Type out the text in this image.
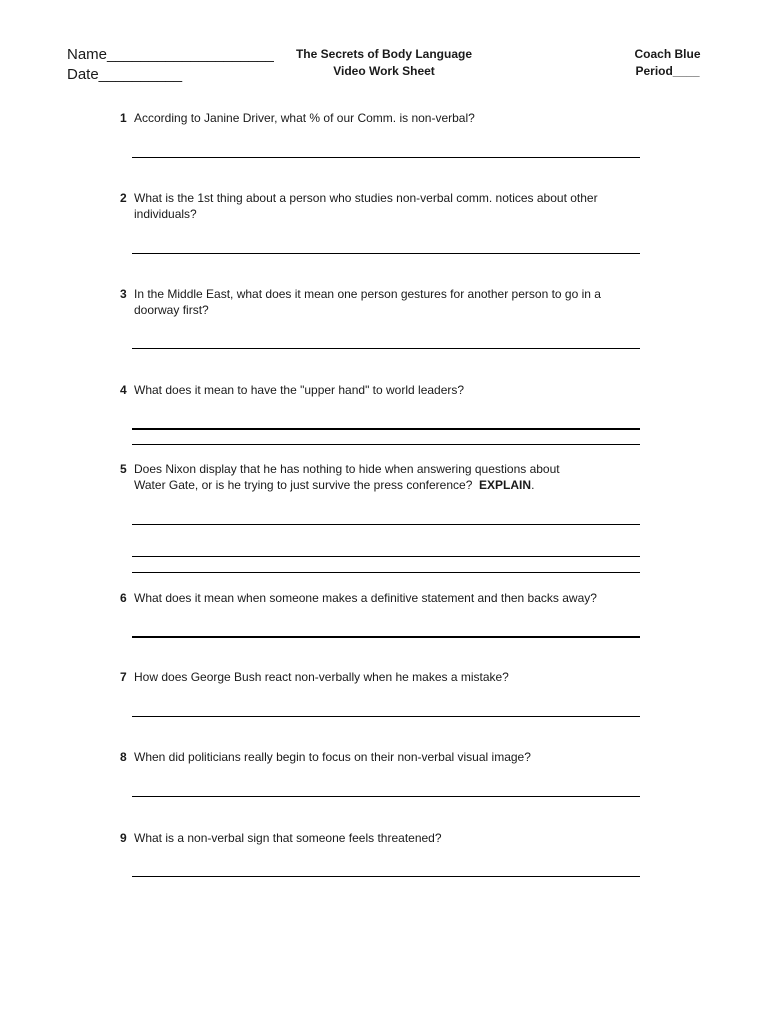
Name____________________
Date__________
The Secrets of Body Language
Video Work Sheet
Coach Blue
Period____
1 According to Janine Driver, what % of our Comm. is non-verbal?
2 What is the 1st thing about a person who studies non-verbal comm. notices about other
individuals?
3 In the Middle East, what does it mean one person gestures for another person to go in a
doorway first?
4 What does it mean to have the "upper hand" to world leaders?
5 Does Nixon display that he has nothing to hide when answering questions about
Water Gate, or is he trying to just survive the press conference? EXPLAIN.
6 What does it mean when someone makes a definitive statement and then backs away?
7 How does George Bush react non-verbally when he makes a mistake?
8 When did politicians really begin to focus on their non-verbal visual image?
9 What is a non-verbal sign that someone feels threatened?
